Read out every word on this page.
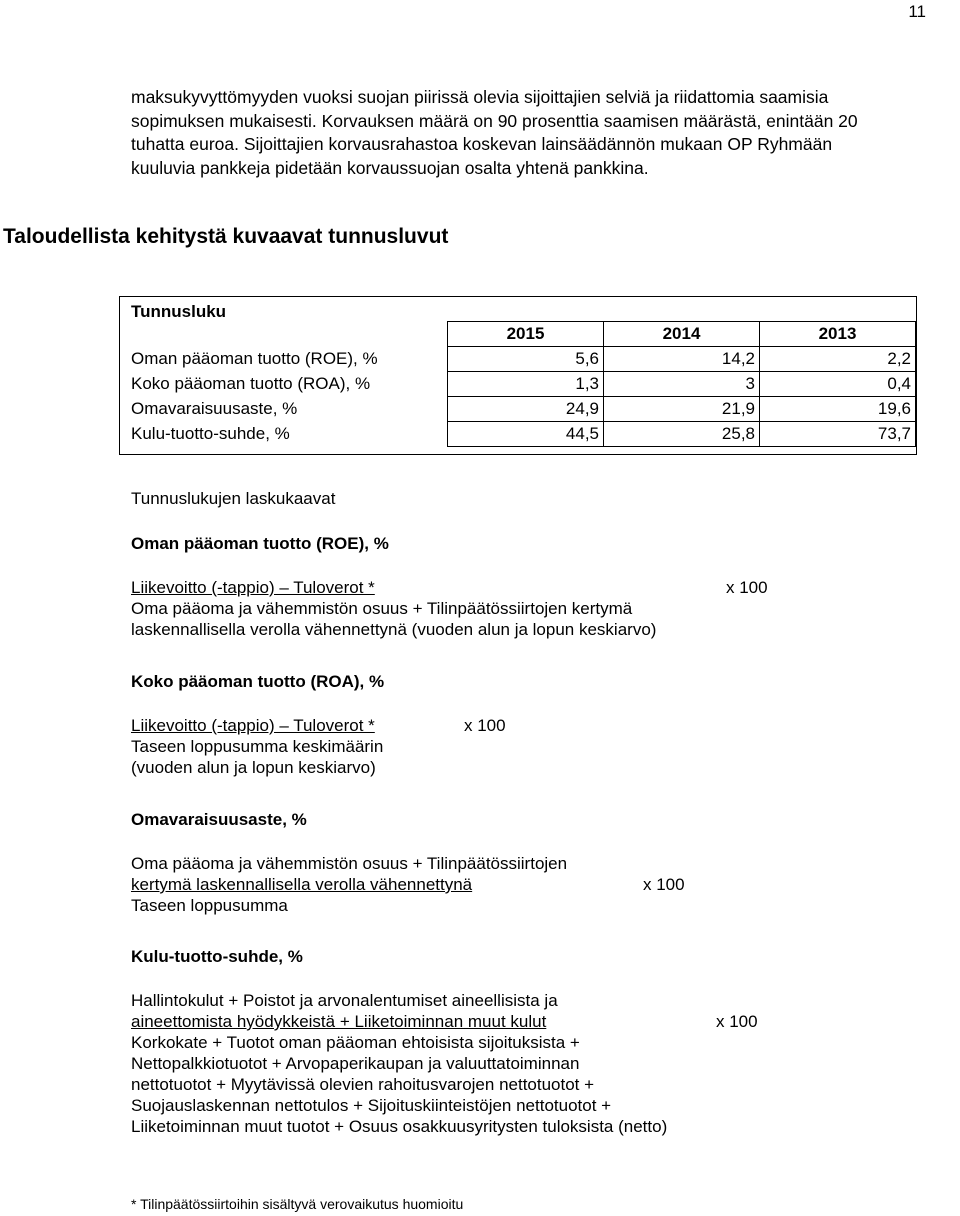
11
maksukyvyttömyyden vuoksi suojan piirissä olevia sijoittajien selviä ja riidattomia saamisia
sopimuksen mukaisesti. Korvauksen määrä on 90 prosenttia saamisen määrästä, enintään 20
tuhatta euroa. Sijoittajien korvausrahastoa koskevan lainsäädännön mukaan OP Ryhmään
kuuluvia pankkeja pidetään korvaussuojan osalta yhtenä pankkina.
Taloudellista kehitystä kuvaavat tunnusluvut
Tunnusluku
	2015	2014	2013
Oman pääoman tuotto (ROE), %	5,6	14,2	2,2
Koko pääoman tuotto (ROA), %	1,3	3	0,4
Omavaraisuusaste, %	24,9	21,9	19,6
Kulu-tuotto-suhde, %	44,5	25,8	73,7
Tunnuslukujen laskukaavat
Oman pääoman tuotto (ROE), %
Liikevoitto (-tappio) – Tuloverot *	x 100
Oma pääoma ja vähemmistön osuus + Tilinpäätössiirtojen kertymä
laskennallisella verolla vähennettynä (vuoden alun ja lopun keskiarvo)
Koko pääoman tuotto (ROA), %
Liikevoitto (-tappio) – Tuloverot *	x 100
Taseen loppusumma keskimäärin
(vuoden alun ja lopun keskiarvo)
Omavaraisuusaste, %
Oma pääoma ja vähemmistön osuus + Tilinpäätössiirtojen
kertymä laskennallisella verolla vähennettynä	x 100
Taseen loppusumma
Kulu-tuotto-suhde, %
Hallintokulut + Poistot ja arvonalentumiset aineellisista ja
aineettomista hyödykkeistä + Liiketoiminnan muut kulut	x 100
Korkokate + Tuotot oman pääoman ehtoisista sijoituksista +
Nettopalkkiotuotot + Arvopaperikaupan ja valuuttatoiminnan
nettotuotot + Myytävissä olevien rahoitusvarojen nettotuotot +
Suojauslaskennan nettotulos + Sijoituskiinteistöjen nettotuotot +
Liiketoiminnan muut tuotot + Osuus osakkuusyritysten tuloksista (netto)
* Tilinpäätössiirtoihin sisältyvä verovaikutus huomioitu
